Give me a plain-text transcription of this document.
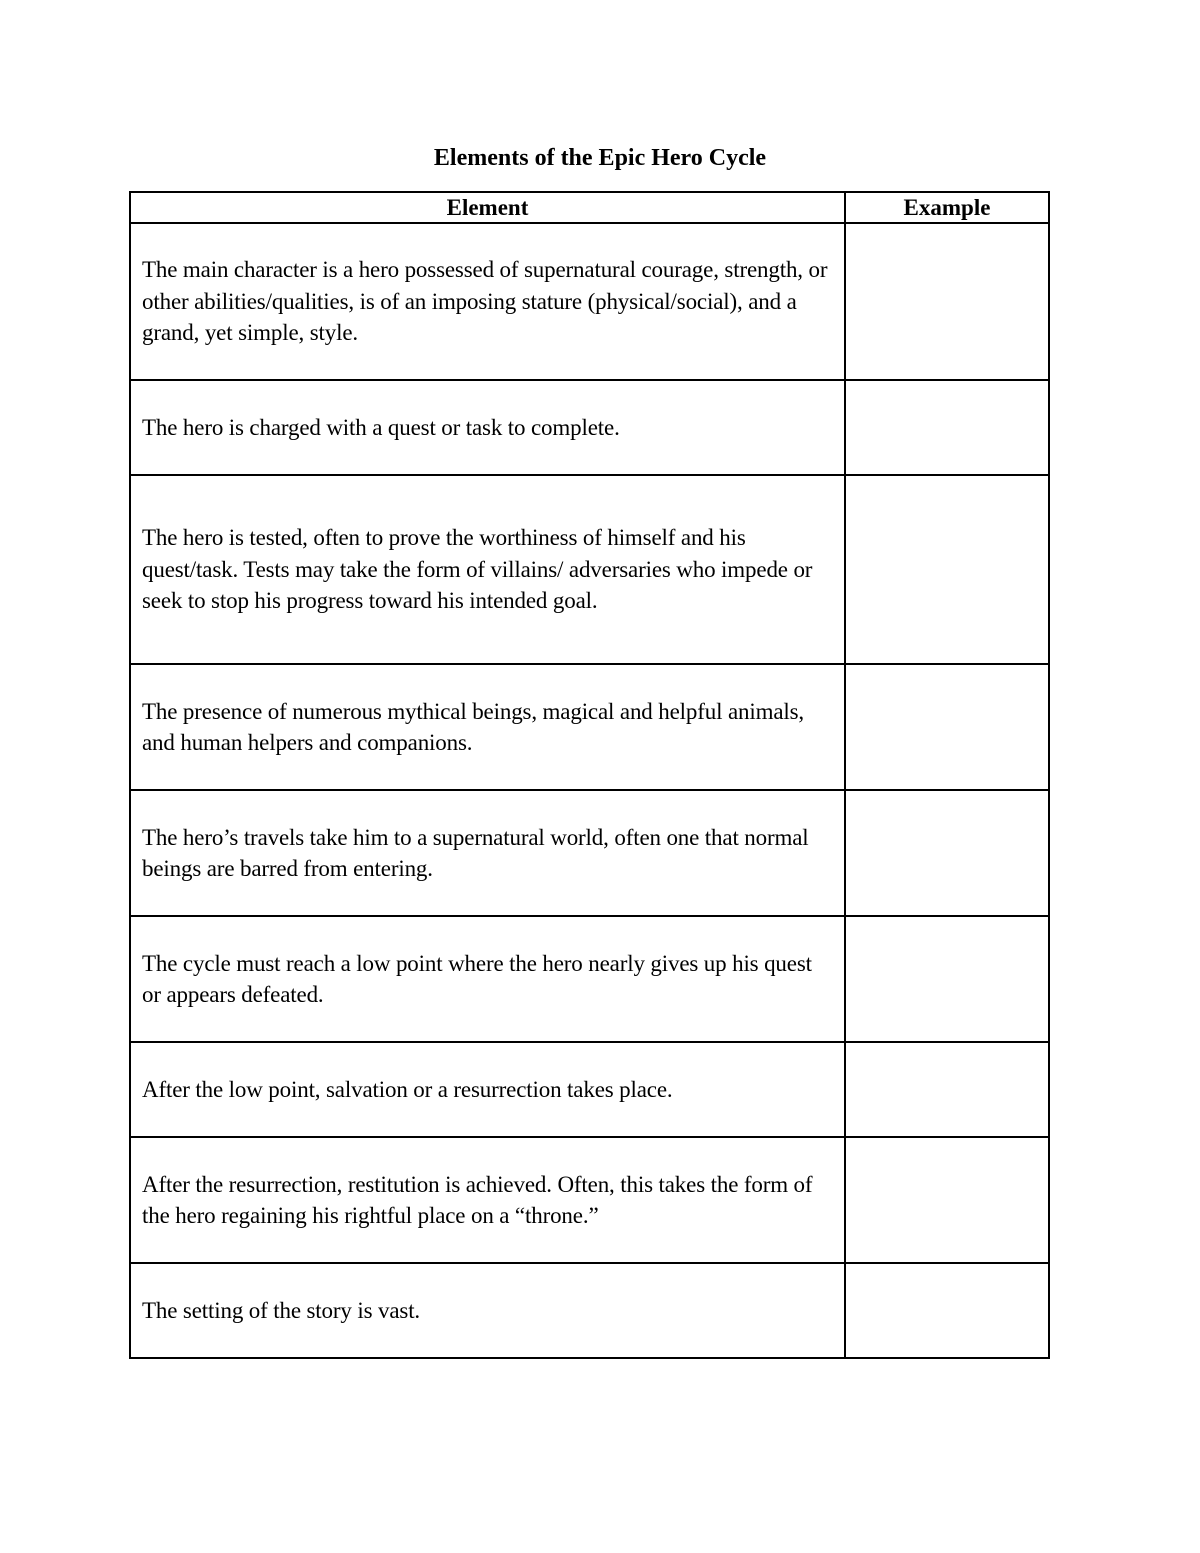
Elements of the Epic Hero Cycle
Element	Example

The main character is a hero possessed of supernatural courage, strength, or other abilities/qualities, is of an imposing stature (physical/social), and a grand, yet simple, style.	

The hero is charged with a quest or task to complete.	

The hero is tested, often to prove the worthiness of himself and his quest/task. Tests may take the form of villains/ adversaries who impede or seek to stop his progress toward his intended goal.	

The presence of numerous mythical beings, magical and helpful animals, and human helpers and companions.	

The hero’s travels take him to a supernatural world, often one that normal beings are barred from entering.	

The cycle must reach a low point where the hero nearly gives up his quest or appears defeated.	

After the low point, salvation or a resurrection takes place.	

After the resurrection, restitution is achieved. Often, this takes the form of the hero regaining his rightful place on a “throne.”	

The setting of the story is vast.	
